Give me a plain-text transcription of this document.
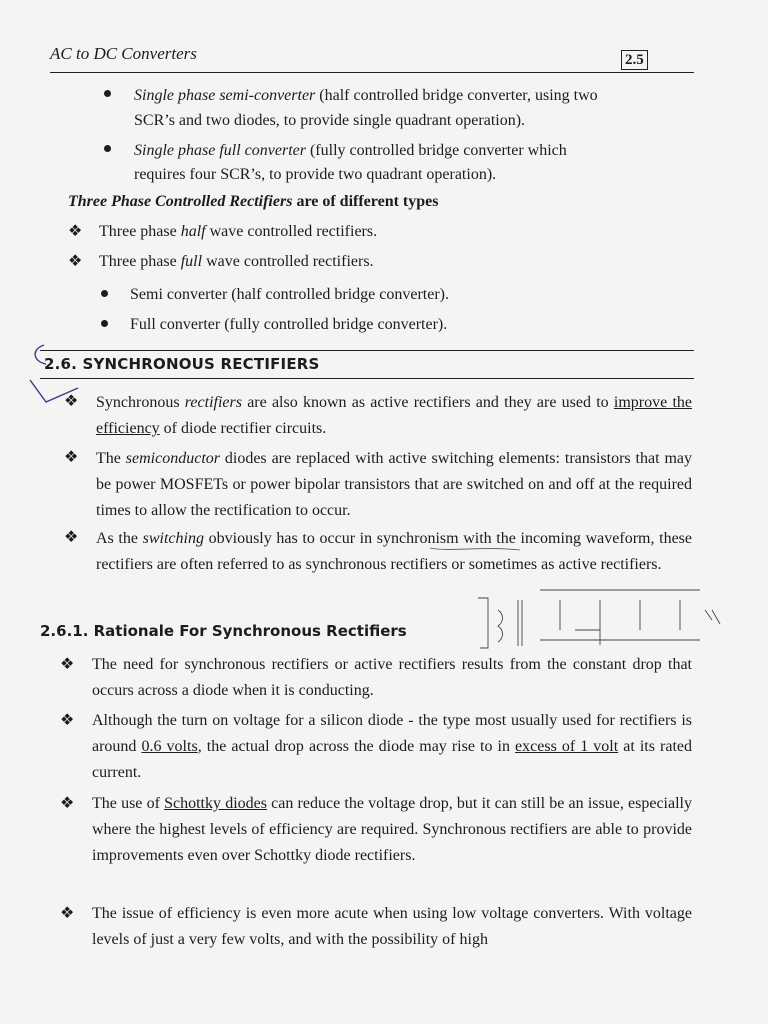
AC to DC Converters	2.5
Single phase semi-converter (half controlled bridge converter, using two
SCR’s and two diodes, to provide single quadrant operation).
Single phase full converter (fully controlled bridge converter which
requires four SCR’s, to provide two quadrant operation).
Three Phase Controlled Rectifiers are of different types
❖ Three phase half wave controlled rectifiers.
❖ Three phase full wave controlled rectifiers.
Semi converter (half controlled bridge converter).
Full converter (fully controlled bridge converter).
2.6. SYNCHRONOUS RECTIFIERS
❖ Synchronous rectifiers are also known as active rectifiers and they are used to improve the efficiency of diode rectifier circuits.
❖ The semiconductor diodes are replaced with active switching elements: transistors that may be power MOSFETs or power bipolar transistors that are switched on and off at the required times to allow the rectification to occur.
❖ As the switching obviously has to occur in synchronism with the incoming waveform, these rectifiers are often referred to as synchronous rectifiers or sometimes as active rectifiers.
2.6.1. Rationale For Synchronous Rectifiers
❖ The need for synchronous rectifiers or active rectifiers results from the constant drop that occurs across a diode when it is conducting.
❖ Although the turn on voltage for a silicon diode - the type most usually used for rectifiers is around 0.6 volts, the actual drop across the diode may rise to in excess of 1 volt at its rated current.
❖ The use of Schottky diodes can reduce the voltage drop, but it can still be an issue, especially where the highest levels of efficiency are required. Synchronous rectifiers are able to provide improvements even over Schottky diode rectifiers.
❖ The issue of efficiency is even more acute when using low voltage converters. With voltage levels of just a very few volts, and with the possibility of high
